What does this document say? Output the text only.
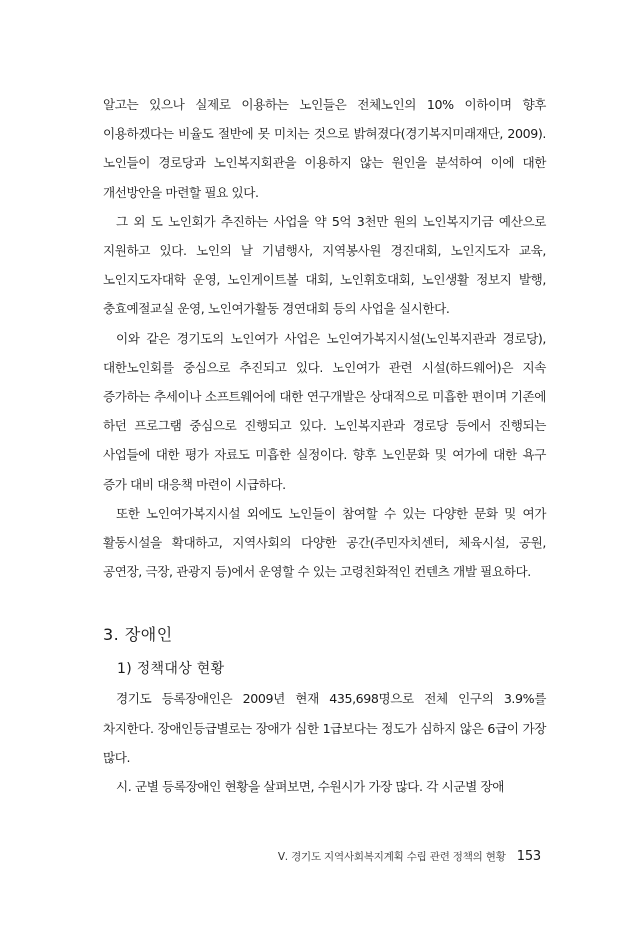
알고는 있으나 실제로 이용하는 노인들은 전체노인의 10% 이하이며 향후 이용하겠다는 비율도 절반에 못 미치는 것으로 밝혀졌다(경기복지미래재단, 2009). 노인들이 경로당과 노인복지회관을 이용하지 않는 원인을 분석하여 이에 대한 개선방안을 마련할 필요 있다.

그 외 도 노인회가 추진하는 사업을 약 5억 3천만 원의 노인복지기금 예산으로 지원하고 있다. 노인의 날 기념행사, 지역봉사원 경진대회, 노인지도자 교육, 노인지도자대학 운영, 노인게이트볼 대회, 노인휘호대회, 노인생활 정보지 발행, 충효예절교실 운영, 노인여가활동 경연대회 등의 사업을 실시한다.

이와 같은 경기도의 노인여가 사업은 노인여가복지시설(노인복지관과 경로당), 대한노인회를 중심으로 추진되고 있다. 노인여가 관련 시설(하드웨어)은 지속 증가하는 추세이나 소프트웨어에 대한 연구개발은 상대적으로 미흡한 편이며 기존에 하던 프로그램 중심으로 진행되고 있다. 노인복지관과 경로당 등에서 진행되는 사업들에 대한 평가 자료도 미흡한 실정이다. 향후 노인문화 및 여가에 대한 욕구 증가 대비 대응책 마련이 시급하다.

또한 노인여가복지시설 외에도 노인들이 참여할 수 있는 다양한 문화 및 여가 활동시설을 확대하고, 지역사회의 다양한 공간(주민자치센터, 체육시설, 공원, 공연장, 극장, 관광지 등)에서 운영할 수 있는 고령친화적인 컨텐츠 개발 필요하다.

3. 장애인
1) 정책대상 현황

경기도 등록장애인은 2009년 현재 435,698명으로 전체 인구의 3.9%를 차지한다. 장애인등급별로는 장애가 심한 1급보다는 정도가 심하지 않은 6급이 가장 많다.

시. 군별 등록장애인 현황을 살펴보면, 수원시가 가장 많다. 각 시군별 장애

Ⅴ. 경기도 지역사회복지계획 수립 관련 정책의 현황 153
